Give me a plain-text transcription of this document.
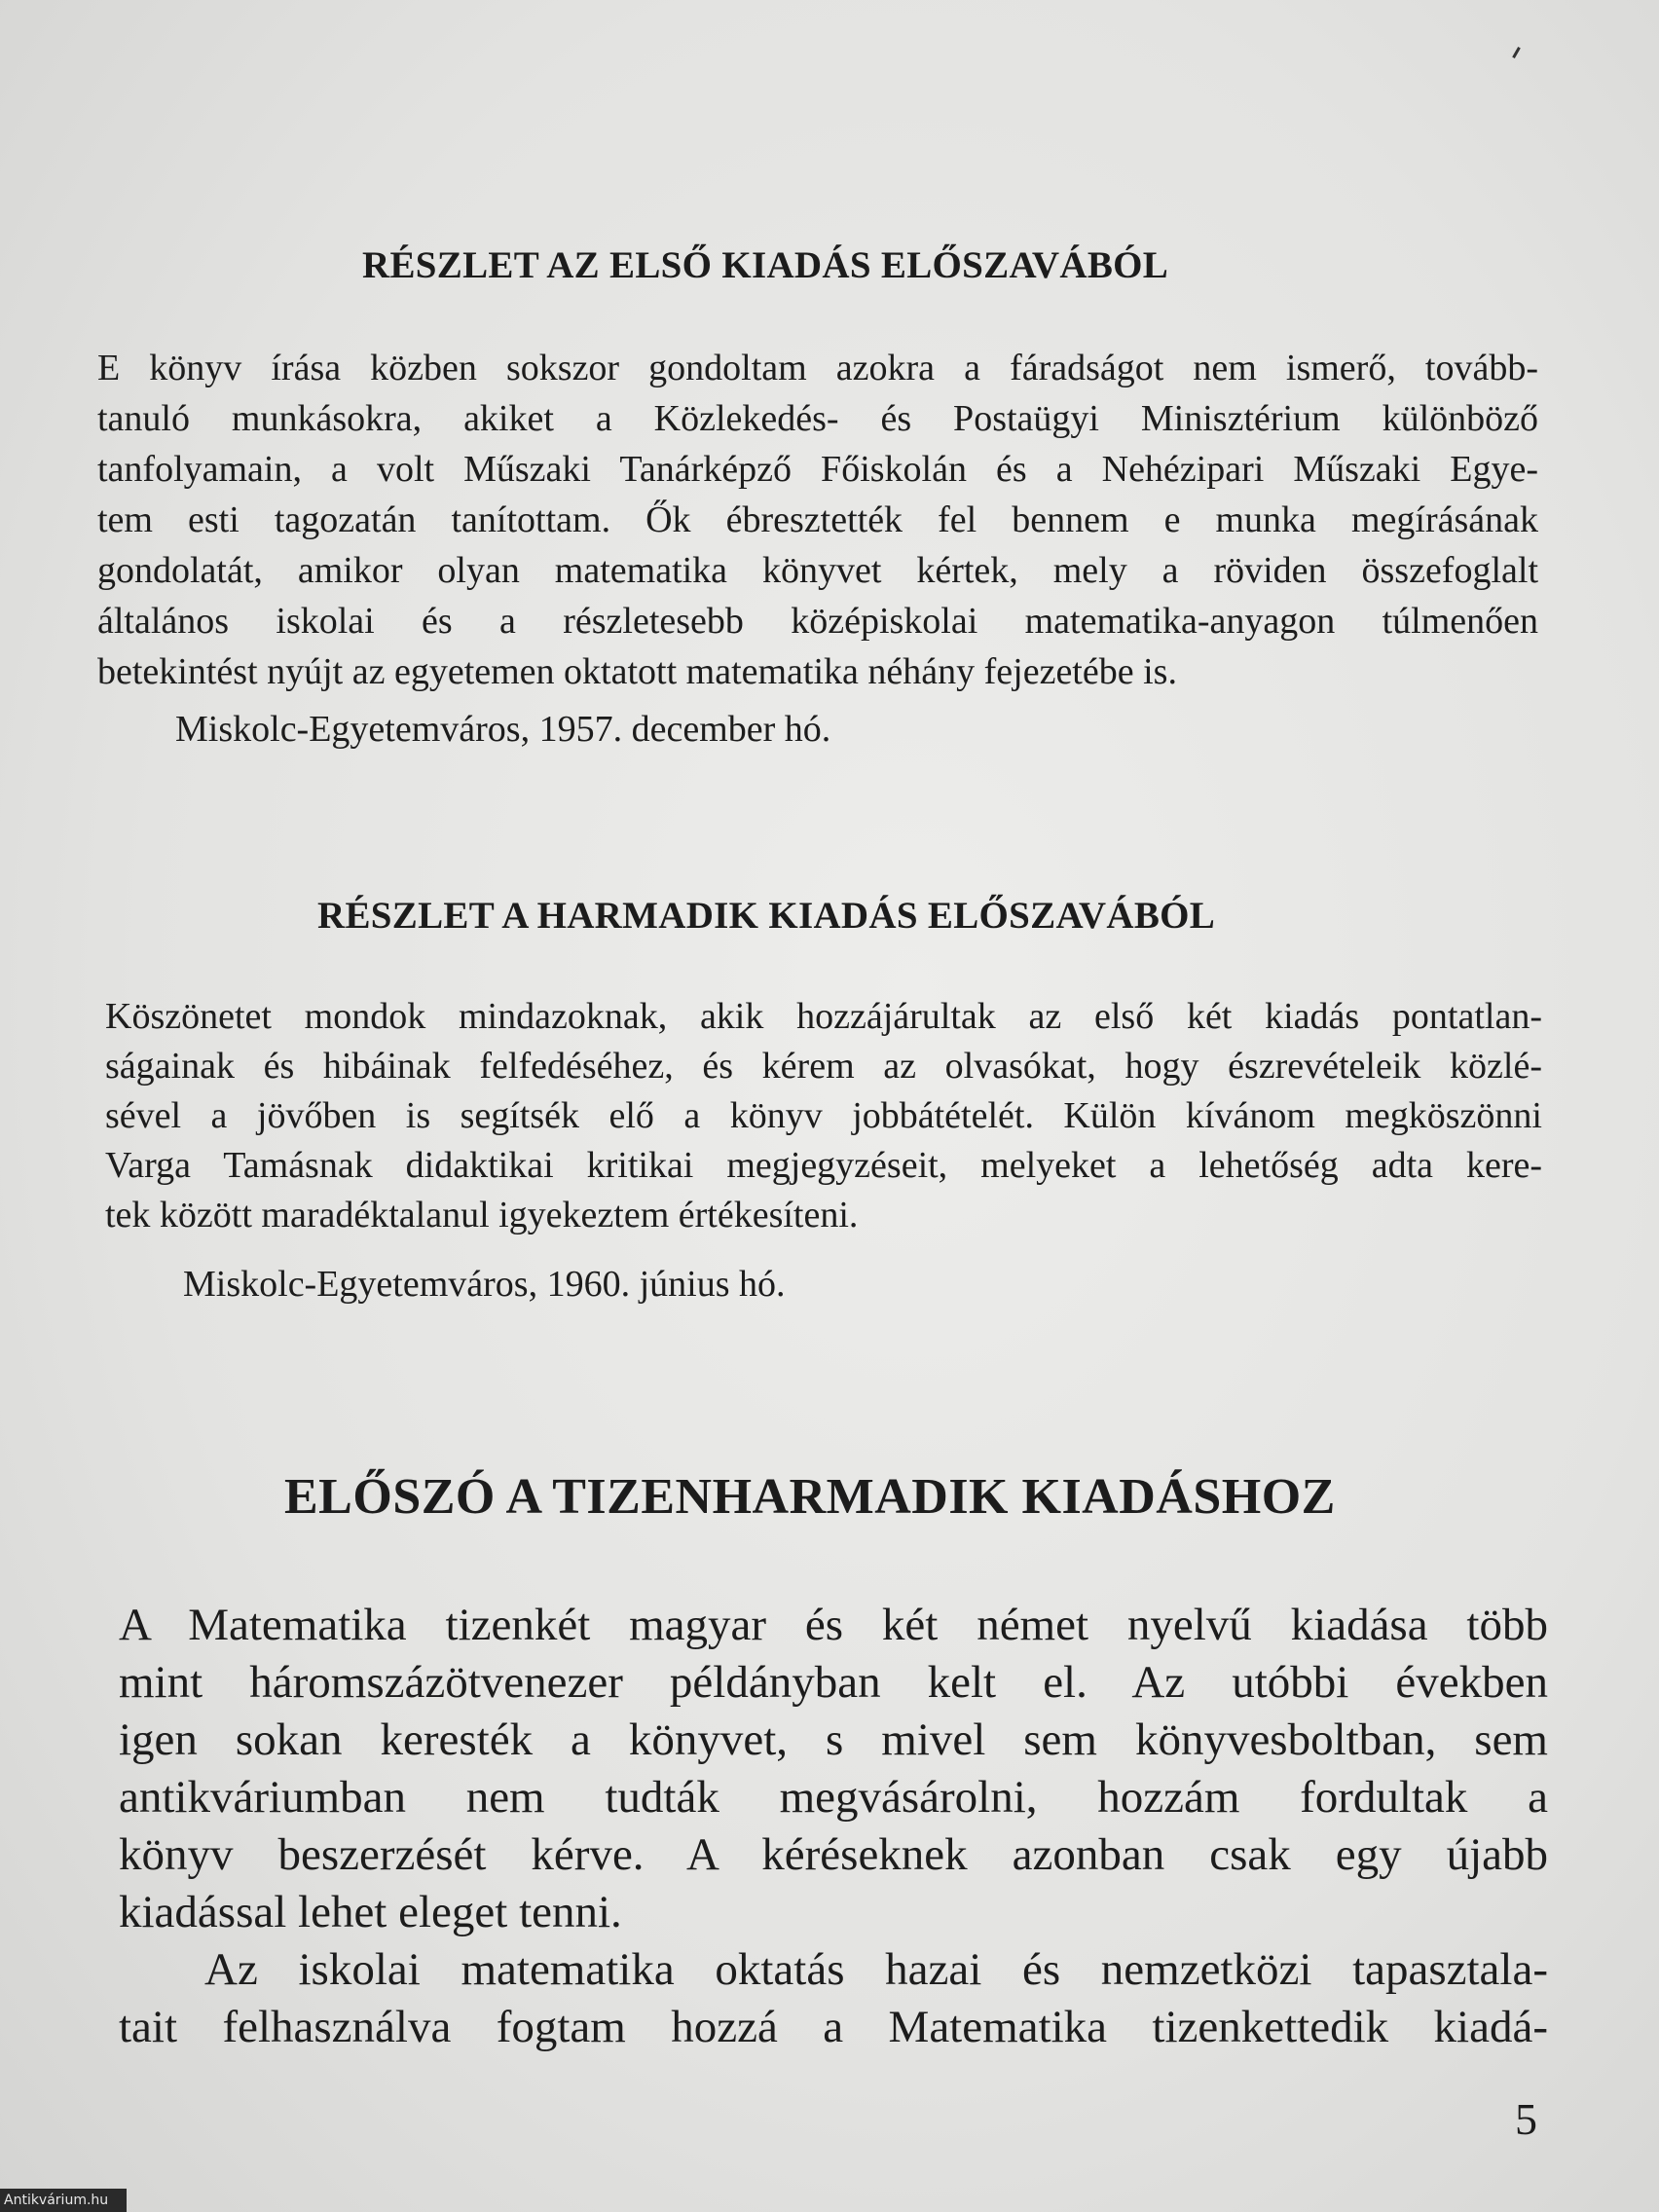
RÉSZLET AZ ELSŐ KIADÁS ELŐSZAVÁBÓL
E könyv írása közben sokszor gondoltam azokra a fáradságot nem ismerő, tovább-
tanuló munkásokra, akiket a Közlekedés- és Postaügyi Minisztérium különböző
tanfolyamain, a volt Műszaki Tanárképző Főiskolán és a Nehézipari Műszaki Egye-
tem esti tagozatán tanítottam. Ők ébresztették fel bennem e munka megírásának
gondolatát, amikor olyan matematika könyvet kértek, mely a röviden összefoglalt
általános iskolai és a részletesebb középiskolai matematika-anyagon túlmenően
betekintést nyújt az egyetemen oktatott matematika néhány fejezetébe is.
Miskolc-Egyetemváros, 1957. december hó.
RÉSZLET A HARMADIK KIADÁS ELŐSZAVÁBÓL
Köszönetet mondok mindazoknak, akik hozzájárultak az első két kiadás pontatlan-
ságainak és hibáinak felfedéséhez, és kérem az olvasókat, hogy észrevételeik közlé-
sével a jövőben is segítsék elő a könyv jobbátételét. Külön kívánom megköszönni
Varga Tamásnak didaktikai kritikai megjegyzéseit, melyeket a lehetőség adta kere-
tek között maradéktalanul igyekeztem értékesíteni.
Miskolc-Egyetemváros, 1960. június hó.
ELŐSZÓ A TIZENHARMADIK KIADÁSHOZ
A Matematika tizenkét magyar és két német nyelvű kiadása több
mint háromszázötvenezer példányban kelt el. Az utóbbi években
igen sokan keresték a könyvet, s mivel sem könyvesboltban, sem
antikváriumban nem tudták megvásárolni, hozzám fordultak a
könyv beszerzését kérve. A kéréseknek azonban csak egy újabb
kiadással lehet eleget tenni.
Az iskolai matematika oktatás hazai és nemzetközi tapasztala-
tait felhasználva fogtam hozzá a Matematika tizenkettedik kiadá-
5
Antikvárium.hu
